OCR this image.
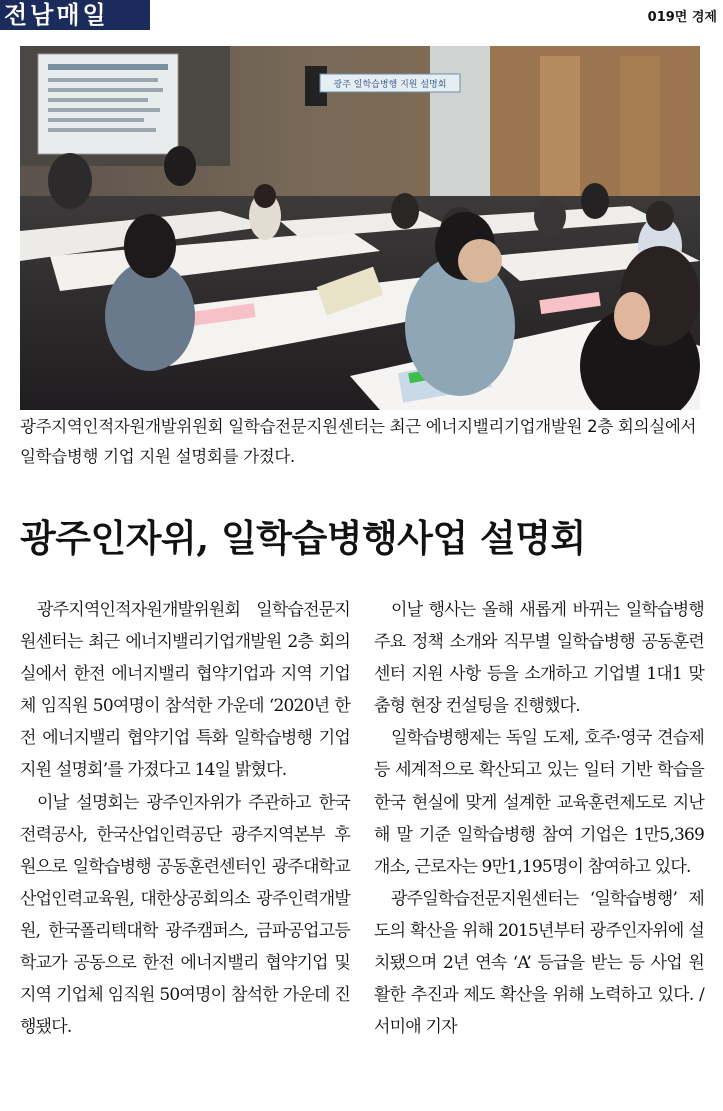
전남매일	019면 경제
광주 일학습병행 지원 설명회
광주지역인적자원개발위원회 일학습전문지원센터는 최근 에너지밸리기업개발원 2층 회의실에서 일학습병행 기업 지원 설명회를 가졌다.
광주인자위, 일학습병행사업 설명회

광주지역인적자원개발위원회 일학습전문지원센터는 최근 에너지밸리기업개발원 2층 회의실에서 한전 에너지밸리 협약기업과 지역 기업체 임직원 50여명이 참석한 가운데 ‘2020년 한전 에너지밸리 협약기업 특화 일학습병행 기업 지원 설명회’를 가졌다고 14일 밝혔다.

이날 설명회는 광주인자위가 주관하고 한국전력공사, 한국산업인력공단 광주지역본부 후원으로 일학습병행 공동훈련센터인 광주대학교 산업인력교육원, 대한상공회의소 광주인력개발원, 한국폴리텍대학 광주캠퍼스, 금파공업고등학교가 공동으로 한전 에너지밸리 협약기업 및 지역 기업체 임직원 50여명이 참석한 가운데 진행됐다.

이날 행사는 올해 새롭게 바뀌는 일학습병행 주요 정책 소개와 직무별 일학습병행 공동훈련센터 지원 사항 등을 소개하고 기업별 1대1 맞춤형 현장 컨설팅을 진행했다.

일학습병행제는 독일 도제, 호주·영국 견습제 등 세계적으로 확산되고 있는 일터 기반 학습을 한국 현실에 맞게 설계한 교육훈련제도로 지난해 말 기준 일학습병행 참여 기업은 1만5,369개소, 근로자는 9만1,195명이 참여하고 있다.

광주일학습전문지원센터는 ‘일학습병행’ 제도의 확산을 위해 2015년부터 광주인자위에 설치됐으며 2년 연속 ‘A’ 등급을 받는 등 사업 원활한 추진과 제도 확산을 위해 노력하고 있다. /서미애 기자
